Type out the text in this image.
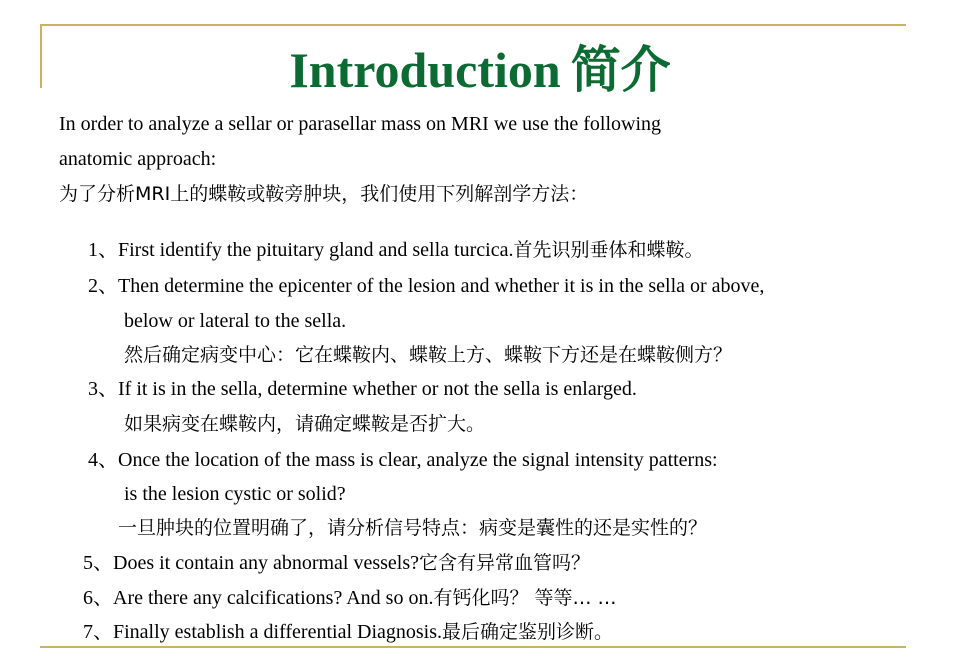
Introduction 简介
In order to analyze a sellar or parasellar mass on MRI we use the following
anatomic approach:
为了分析MRI上的蝶鞍或鞍旁肿块，我们使用下列解剖学方法：
1、First identify the pituitary gland and sella turcica.首先识别垂体和蝶鞍。
2、Then determine the epicenter of the lesion and whether it is in the sella or above,
below or lateral to the sella.
然后确定病变中心：它在蝶鞍内、蝶鞍上方、蝶鞍下方还是在蝶鞍侧方？
3、If it is in the sella, determine whether or not the sella is enlarged.
如果病变在蝶鞍内，请确定蝶鞍是否扩大。
4、Once the location of the mass is clear, analyze the signal intensity patterns:
is the lesion cystic or solid?
一旦肿块的位置明确了，请分析信号特点：病变是囊性的还是实性的？
5、Does it contain any abnormal vessels?它含有异常血管吗？
6、Are there any calcifications? And so on.有钙化吗？ 等等… …
7、Finally establish a differential Diagnosis.最后确定鉴别诊断。
